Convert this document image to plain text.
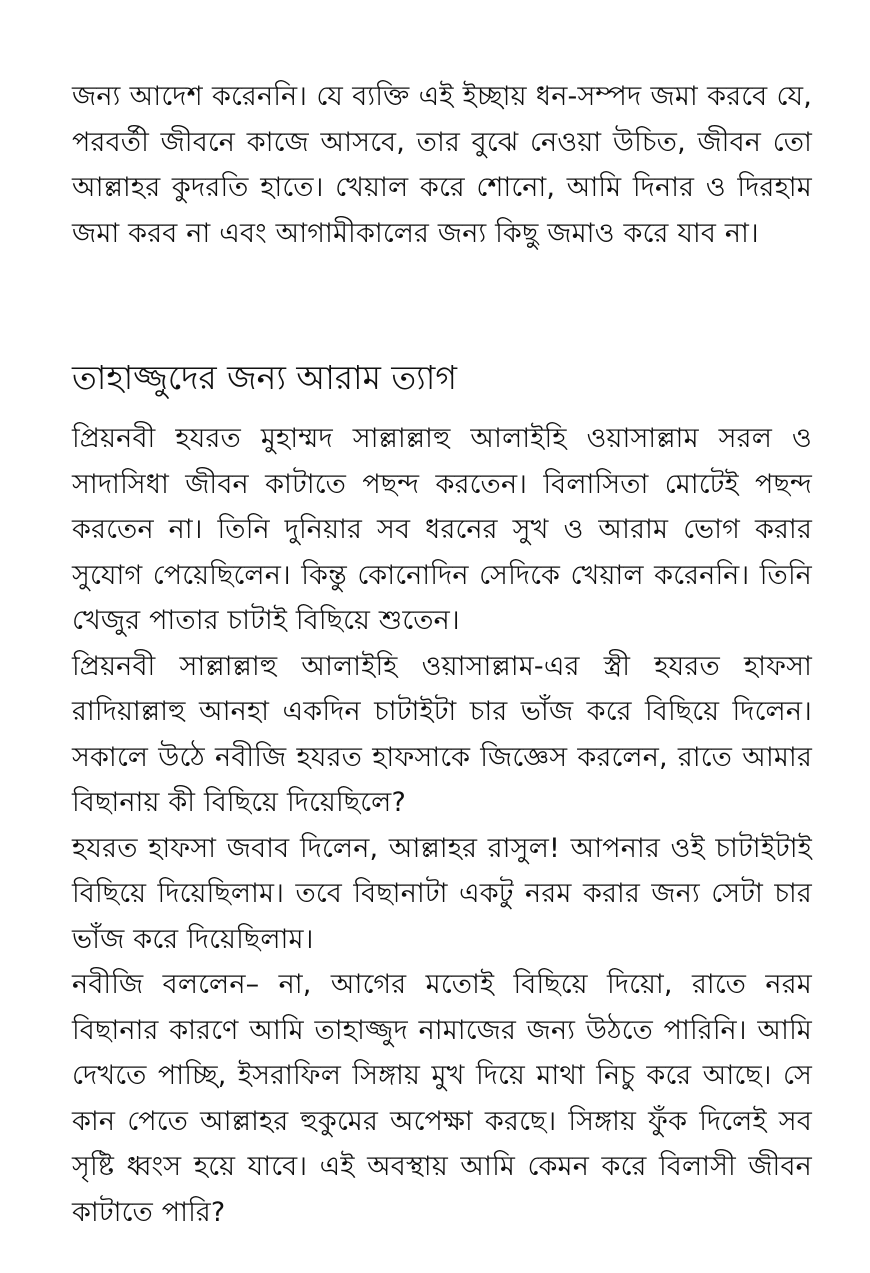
জন্য আদেশ করেননি। যে ব্যক্তি এই ইচ্ছায় ধন-সম্পদ জমা করবে যে, পরবর্তী জীবনে কাজে আসবে, তার বুঝে নেওয়া উচিত, জীবন তো আল্লাহর কুদরতি হাতে। খেয়াল করে শোনো, আমি দিনার ও দিরহাম জমা করব না এবং আগামীকালের জন্য কিছু জমাও করে যাব না।

তাহাজ্জুদের জন্য আরাম ত্যাগ

প্রিয়নবী হযরত মুহাম্মদ সাল্লাল্লাহু আলাইহি ওয়াসাল্লাম সরল ও সাদাসিধা জীবন কাটাতে পছন্দ করতেন। বিলাসিতা মোটেই পছন্দ করতেন না। তিনি দুনিয়ার সব ধরনের সুখ ও আরাম ভোগ করার সুযোগ পেয়েছিলেন। কিন্তু কোনোদিন সেদিকে খেয়াল করেননি। তিনি খেজুর পাতার চাটাই বিছিয়ে শুতেন।

প্রিয়নবী সাল্লাল্লাহু আলাইহি ওয়াসাল্লাম-এর স্ত্রী হযরত হাফসা রাদিয়াল্লাহু আনহা একদিন চাটাইটা চার ভাঁজ করে বিছিয়ে দিলেন। সকালে উঠে নবীজি হযরত হাফসাকে জিজ্ঞেস করলেন, রাতে আমার বিছানায় কী বিছিয়ে দিয়েছিলে?

হযরত হাফসা জবাব দিলেন, আল্লাহর রাসুল! আপনার ওই চাটাইটাই বিছিয়ে দিয়েছিলাম। তবে বিছানাটা একটু নরম করার জন্য সেটা চার ভাঁজ করে দিয়েছিলাম।

নবীজি বললেন– না, আগের মতোই বিছিয়ে দিয়ো, রাতে নরম বিছানার কারণে আমি তাহাজ্জুদ নামাজের জন্য উঠতে পারিনি। আমি দেখতে পাচ্ছি, ইসরাফিল সিঙ্গায় মুখ দিয়ে মাথা নিচু করে আছে। সে কান পেতে আল্লাহর হুকুমের অপেক্ষা করছে। সিঙ্গায় ফুঁক দিলেই সব সৃষ্টি ধ্বংস হয়ে যাবে। এই অবস্থায় আমি কেমন করে বিলাসী জীবন কাটাতে পারি?
